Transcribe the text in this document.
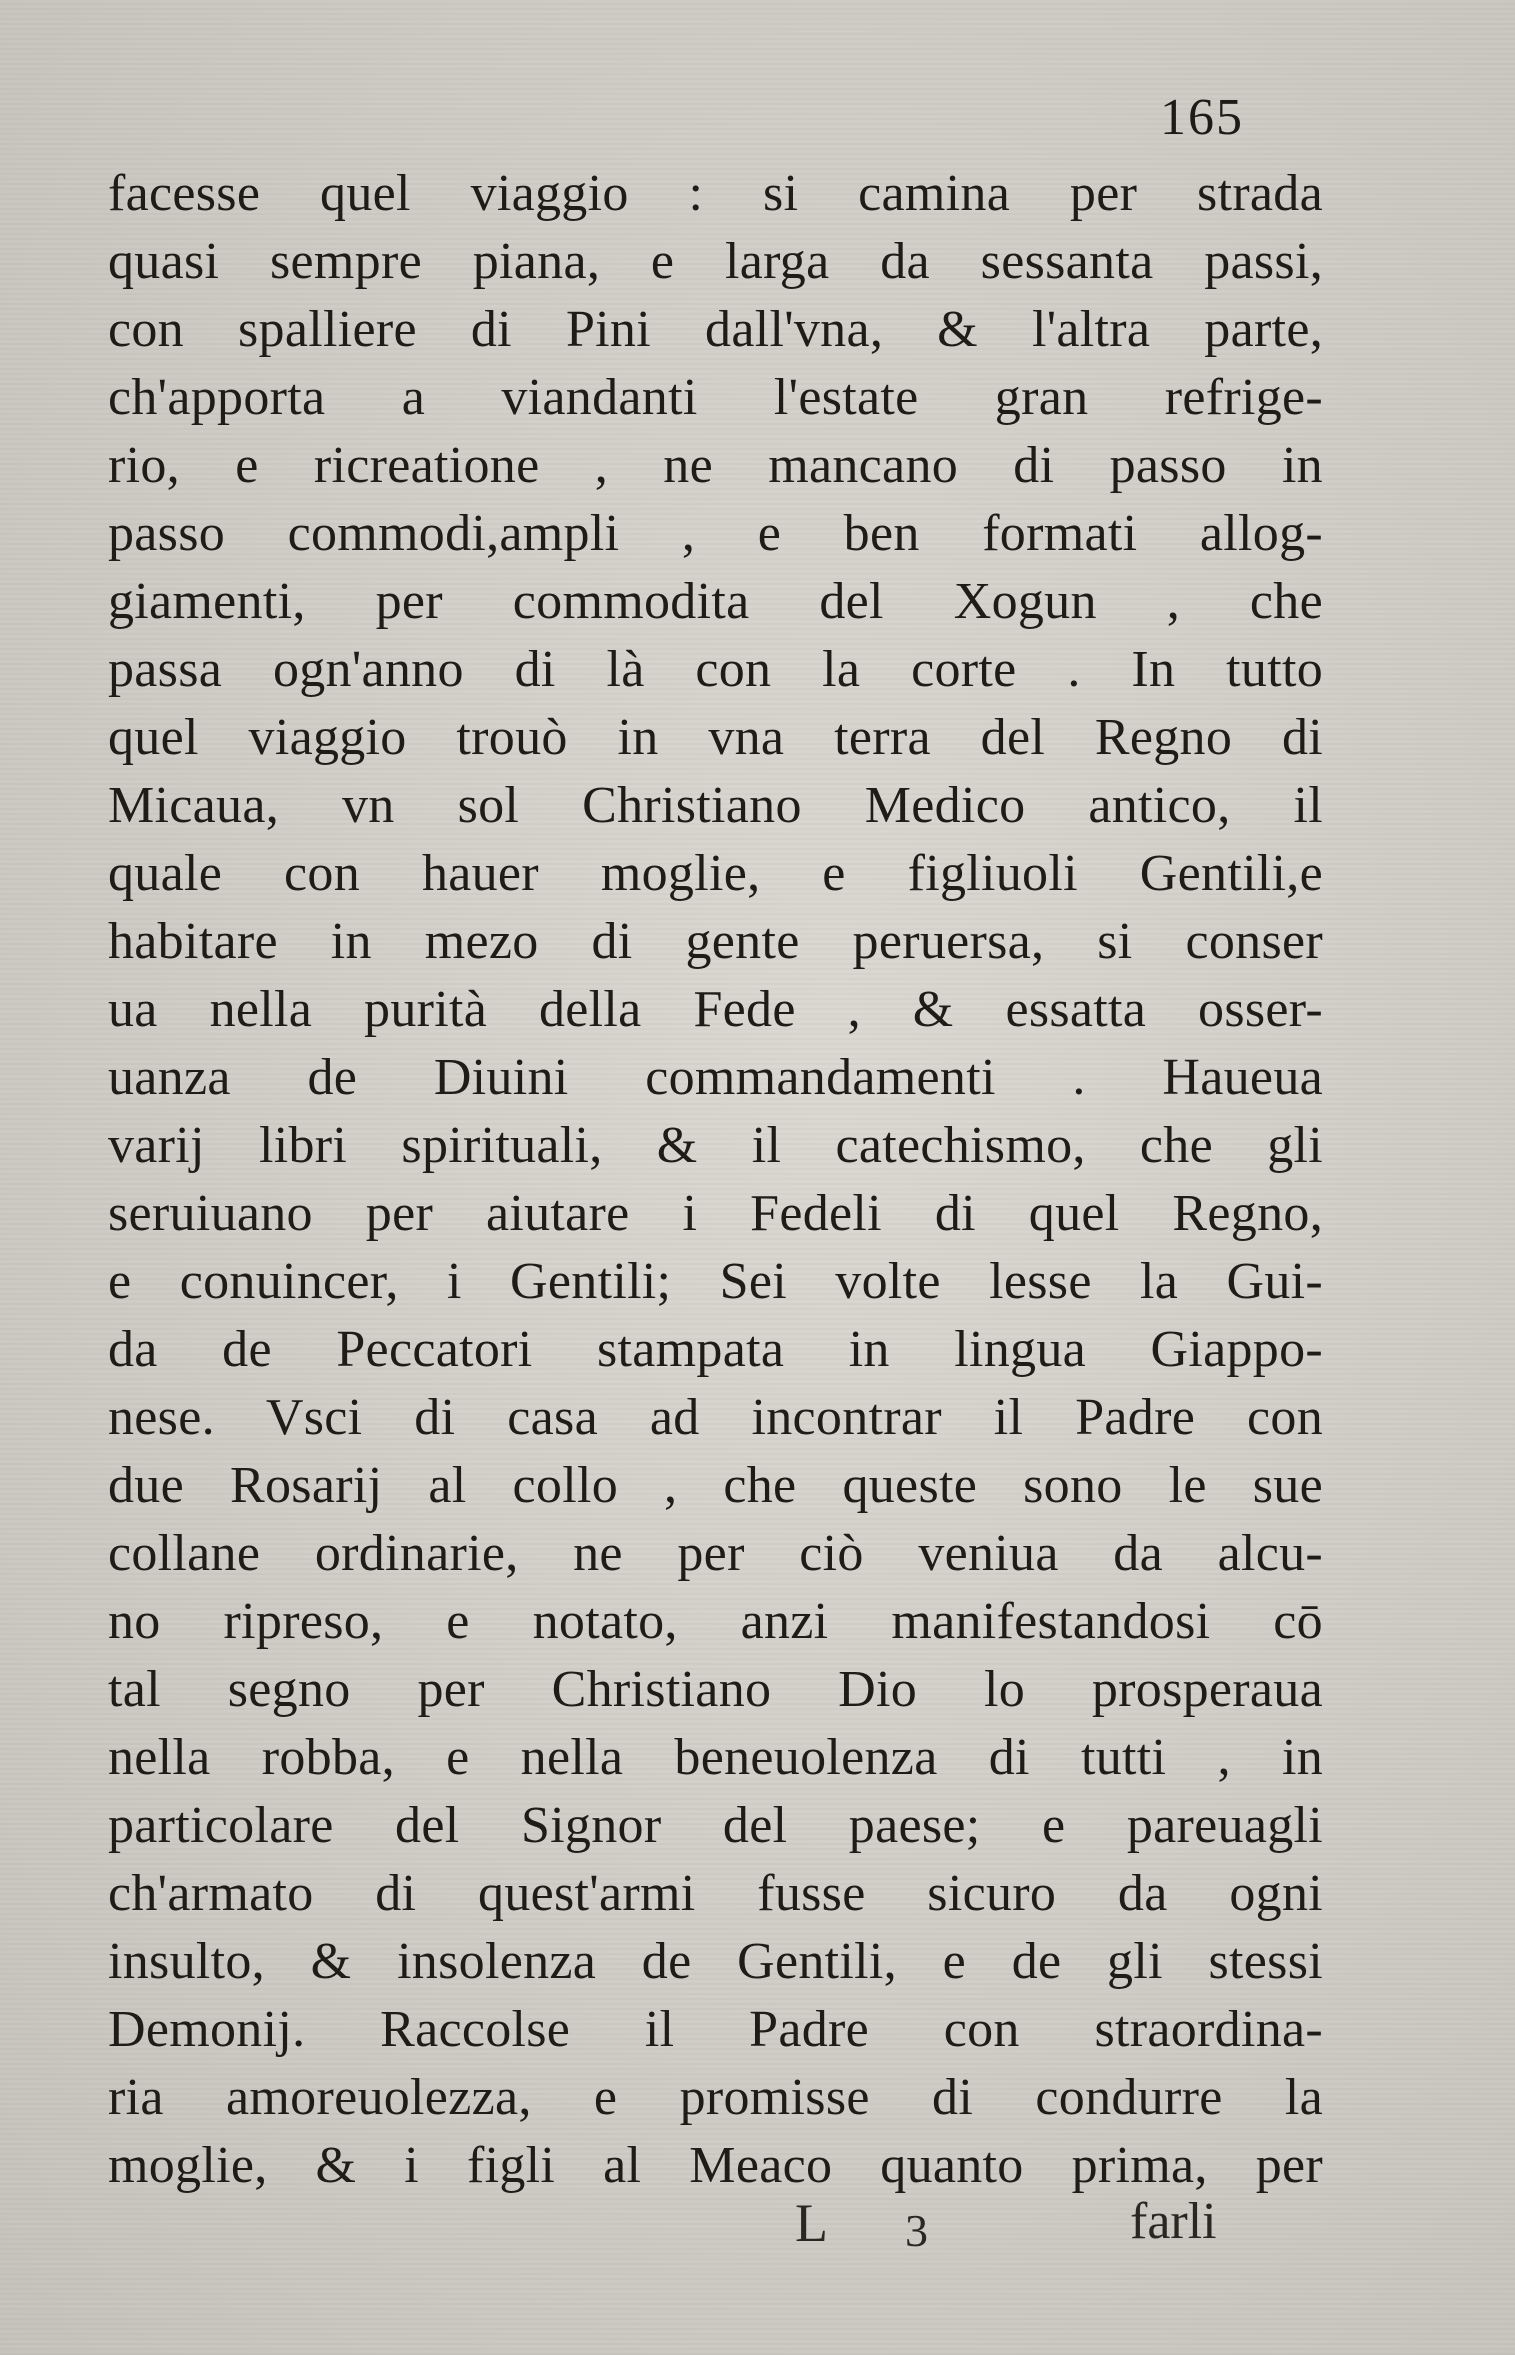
165
facesse quel viaggio : si camina per strada
quasi sempre piana, e larga da sessanta passi,
con spalliere di Pini dall'vna, & l'altra parte,
ch'apporta a viandanti l'estate gran refrige-
rio, e ricreatione , ne mancano di passo in
passo commodi,ampli , e ben formati allog-
giamenti, per commodita del Xogun , che
passa ogn'anno di là con la corte . In tutto
quel viaggio trouò in vna terra del Regno di
Micaua, vn sol Christiano Medico antico, il
quale con hauer moglie, e figliuoli Gentili,e
habitare in mezo di gente peruersa, si conser
ua nella purità della Fede , & essatta osser-
uanza de Diuini commandamenti . Haueua
varij libri spirituali, & il catechismo, che gli
seruiuano per aiutare i Fedeli di quel Regno,
e conuincer, i Gentili; Sei volte lesse la Gui-
da de Peccatori stampata in lingua Giappo-
nese. Vsci di casa ad incontrar il Padre con
due Rosarij al collo , che queste sono le sue
collane ordinarie, ne per ciò veniua da alcu-
no ripreso, e notato, anzi manifestandosi cō
tal segno per Christiano Dio lo prosperaua
nella robba, e nella beneuolenza di tutti , in
particolare del Signor del paese; e pareuagli
ch'armato di quest'armi fusse sicuro da ogni
insulto, & insolenza de Gentili, e de gli stessi
Demonij. Raccolse il Padre con straordina-
ria amoreuolezza, e promisse di condurre la
moglie, & i figli al Meaco quanto prima, per
L 3	farli
